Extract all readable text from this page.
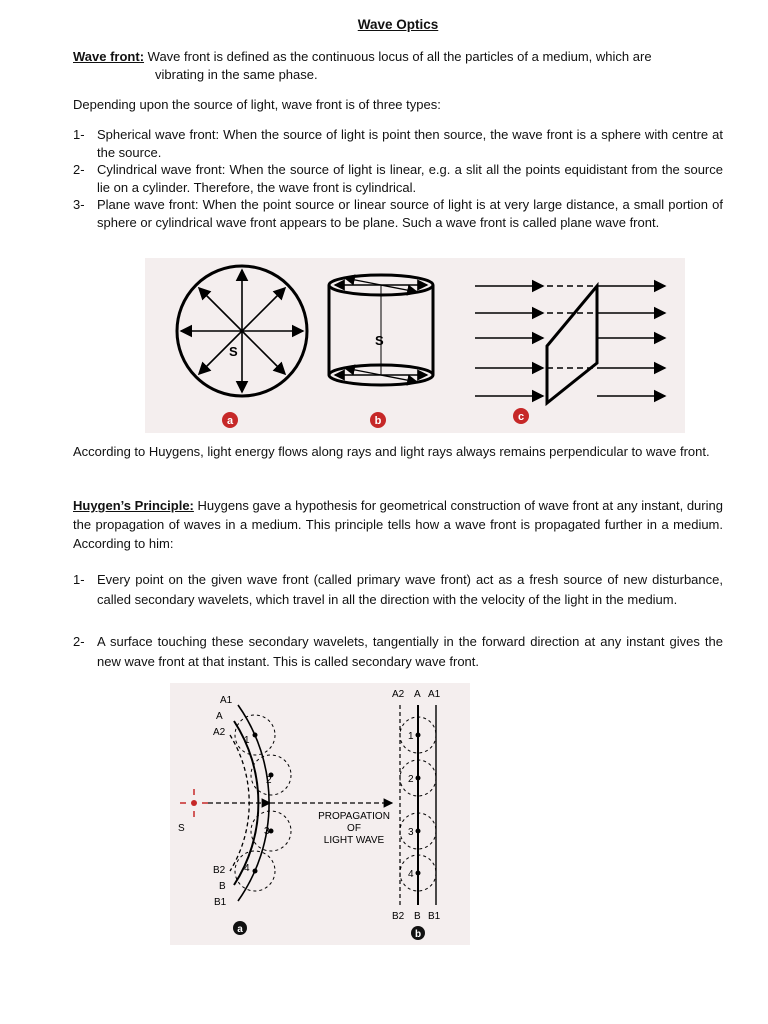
Wave Optics
Wave front: Wave front is defined as the continuous locus of all the particles of a medium, which are
vibrating in the same phase.
Depending upon the source of light, wave front is of three types:
1- Spherical wave front: When the source of light is point then source, the wave front is a sphere with centre at the source.
2- Cylindrical wave front: When the source of light is linear, e.g. a slit all the points equidistant from the source lie on a cylinder. Therefore, the wave front is cylindrical.
3- Plane wave front: When the point source or linear source of light is at very large distance, a small portion of sphere or cylindrical wave front appears to be plane. Such a wave front is called plane wave front.
According to Huygens, light energy flows along rays and light rays always remains perpendicular to wave front.
Huygen’s Principle: Huygens gave a hypothesis for geometrical construction of wave front at any instant, during the propagation of waves in a medium. This principle tells how a wave front is propagated further in a medium. According to him:
1- Every point on the given wave front (called primary wave front) act as a fresh source of new disturbance, called secondary wavelets, which travel in all the direction with the velocity of the light in the medium.
2- A surface touching these secondary wavelets, tangentially in the forward direction at any instant gives the new wave front at that instant. This is called secondary wave front.
S
S
a	b	c
S
1
2
3
4
A1
A
A2
B2
B
B1
a
PROPAGATION
OF
LIGHT WAVE
1
2
3
4
A2 A A1
B2 B B1
b
